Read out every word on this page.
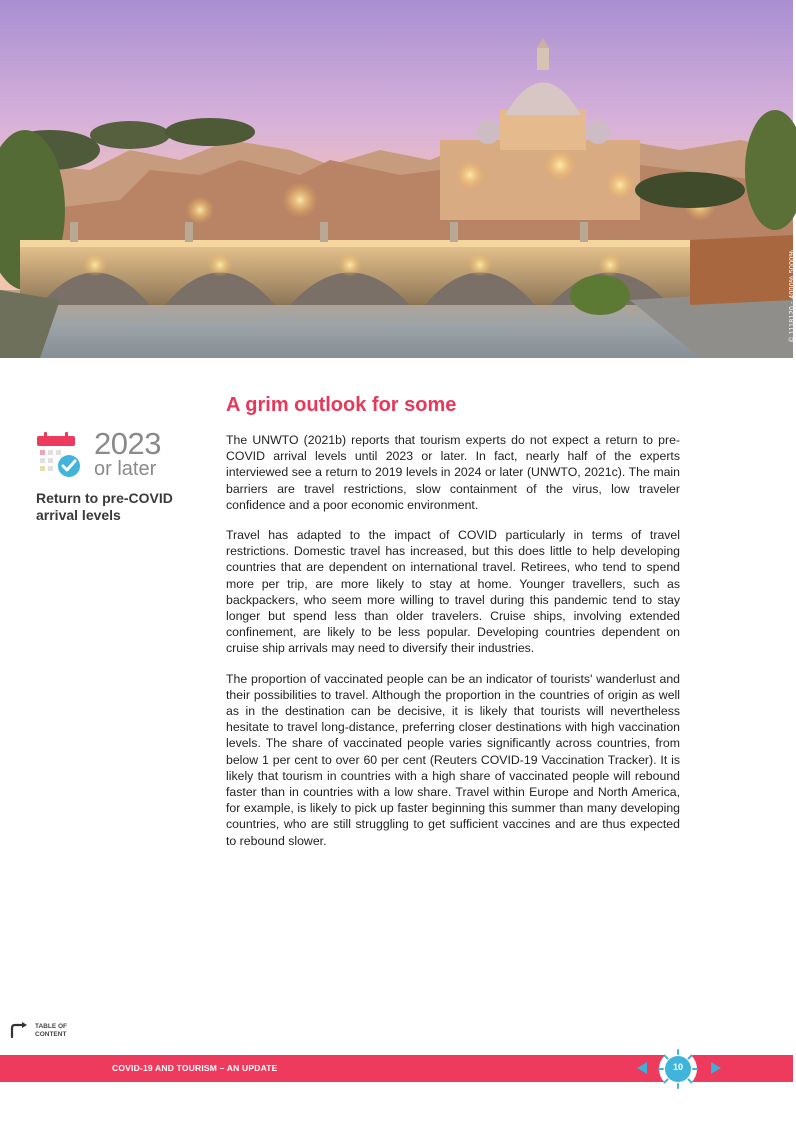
© 1118120 - 4000% 5000%
2023
or later
Return to pre-COVID arrival levels
A grim outlook for some

The UNWTO (2021b) reports that tourism experts do not expect a return to pre-COVID arrival levels until 2023 or later. In fact, nearly half of the experts interviewed see a return to 2019 levels in 2024 or later (UNWTO, 2021c). The main barriers are travel restrictions, slow containment of the virus, low traveler confidence and a poor economic environment.

Travel has adapted to the impact of COVID particularly in terms of travel restrictions. Domestic travel has increased, but this does little to help developing countries that are dependent on international travel. Retirees, who tend to spend more per trip, are more likely to stay at home. Younger travellers, such as backpackers, who seem more willing to travel during this pandemic tend to stay longer but spend less than older travelers. Cruise ships, involving extended confinement, are likely to be less popular. Developing countries dependent on cruise ship arrivals may need to diversify their industries.

The proportion of vaccinated people can be an indicator of tourists' wanderlust and their possibilities to travel. Although the proportion in the countries of origin as well as in the destination can be decisive, it is likely that tourists will nevertheless hesitate to travel long-distance, preferring closer destinations with high vaccination levels. The share of vaccinated people varies significantly across countries, from below 1 per cent to over 60 per cent (Reuters COVID-19 Vaccination Tracker). It is likely that tourism in countries with a high share of vaccinated people will rebound faster than in countries with a low share. Travel within Europe and North America, for example, is likely to pick up faster beginning this summer than many developing countries, who are still struggling to get sufficient vaccines and are thus expected to rebound slower.

TABLE OF
CONTENT
COVID-19 AND TOURISM – AN UPDATE	10
